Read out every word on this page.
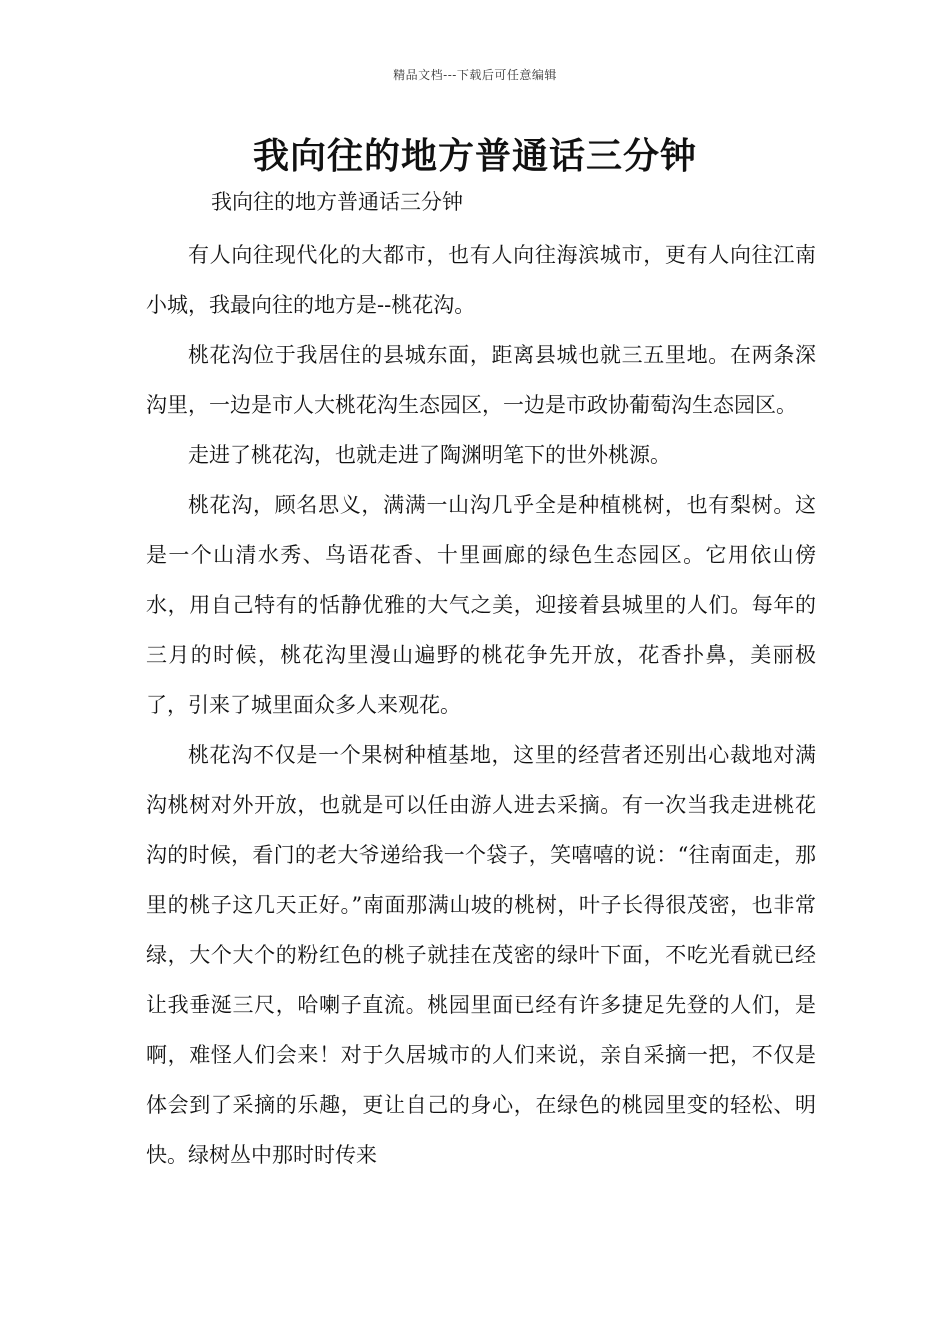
精品文档---下载后可任意编辑
我向往的地方普通话三分钟

我向往的地方普通话三分钟

有人向往现代化的大都市，也有人向往海滨城市，更有人向往江南小城，我最向往的地方是--桃花沟。

桃花沟位于我居住的县城东面，距离县城也就三五里地。在两条深沟里，一边是市人大桃花沟生态园区，一边是市政协葡萄沟生态园区。

走进了桃花沟，也就走进了陶渊明笔下的世外桃源。

桃花沟，顾名思义，满满一山沟几乎全是种植桃树，也有梨树。这是一个山清水秀、鸟语花香、十里画廊的绿色生态园区。它用依山傍水，用自己特有的恬静优雅的大气之美，迎接着县城里的人们。每年的三月的时候，桃花沟里漫山遍野的桃花争先开放，花香扑鼻，美丽极了，引来了城里面众多人来观花。

桃花沟不仅是一个果树种植基地，这里的经营者还别出心裁地对满沟桃树对外开放，也就是可以任由游人进去采摘。有一次当我走进桃花沟的时候，看门的老大爷递给我一个袋子，笑嘻嘻的说：“往南面走，那里的桃子这几天正好。”南面那满山坡的桃树，叶子长得很茂密，也非常绿，大个大个的粉红色的桃子就挂在茂密的绿叶下面，不吃光看就已经让我垂涎三尺，哈喇子直流。桃园里面已经有许多捷足先登的人们，是啊，难怪人们会来！对于久居城市的人们来说，亲自采摘一把，不仅是体会到了采摘的乐趣，更让自己的身心，在绿色的桃园里变的轻松、明快。绿树丛中那时时传来
